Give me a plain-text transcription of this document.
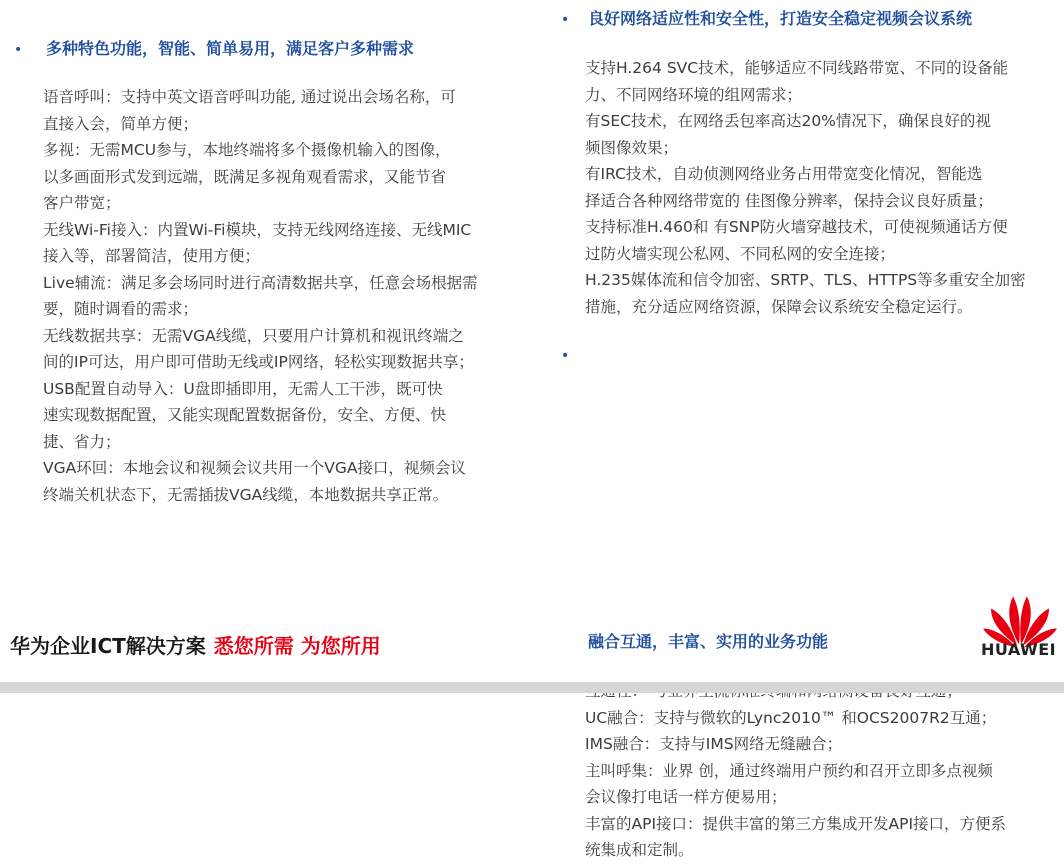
• 多种特色功能，智能、简单易用，满足客户多种需求
语音呼叫：支持中英文语音呼叫功能, 通过说出会场名称，可
直接入会，简单方便；
多视：无需MCU参与，本地终端将多个摄像机输入的图像，
以多画面形式发到远端，既满足多视角观看需求，又能节省
客户带宽；
无线Wi-Fi接入：内置Wi-Fi模块，支持无线网络连接、无线MIC
接入等，部署简洁，使用方便；
Live辅流：满足多会场同时进行高清数据共享，任意会场根据需
要，随时调看的需求；
无线数据共享：无需VGA线缆，只要用户计算机和视讯终端之
间的IP可达，用户即可借助无线或IP网络，轻松实现数据共享；
USB配置自动导入：U盘即插即用，无需人工干涉，既可快
速实现数据配置，又能实现配置数据备份，安全、方便、快
捷、省力；
VGA环回：本地会议和视频会议共用一个VGA接口，视频会议
终端关机状态下，无需插拔VGA线缆，本地数据共享正常。
• 良好网络适应性和安全性，打造安全稳定视频会议系统
支持H.264 SVC技术，能够适应不同线路带宽、不同的设备能
力、不同网络环境的组网需求；
有SEC技术，在网络丢包率高达20%情况下，确保良好的视
频图像效果；
有IRC技术，自动侦测网络业务占用带宽变化情况，智能选
择适合各种网络带宽的 佳图像分辨率，保持会议良好质量；
支持标准H.460和 有SNP防火墙穿越技术，可使视频通话方便
过防火墙实现公私网、不同私网的安全连接；
H.235媒体流和信令加密、SRTP、TLS、HTTPS等多重安全加密
措施，充分适应网络资源，保障会议系统安全稳定运行。
•
融合互通，丰富、实用的业务功能
UC融合：支持与微软的Lync2010™ 和OCS2007R2互通；
IMS融合：支持与IMS网络无缝融合；
主叫呼集：业界 创，通过终端用户预约和召开立即多点视频
会议像打电话一样方便易用；
丰富的API接口：提供丰富的第三方集成开发API接口，方便系
统集成和定制。
华为企业ICT解决方案 悉您所需 为您所用	HUAWEI
